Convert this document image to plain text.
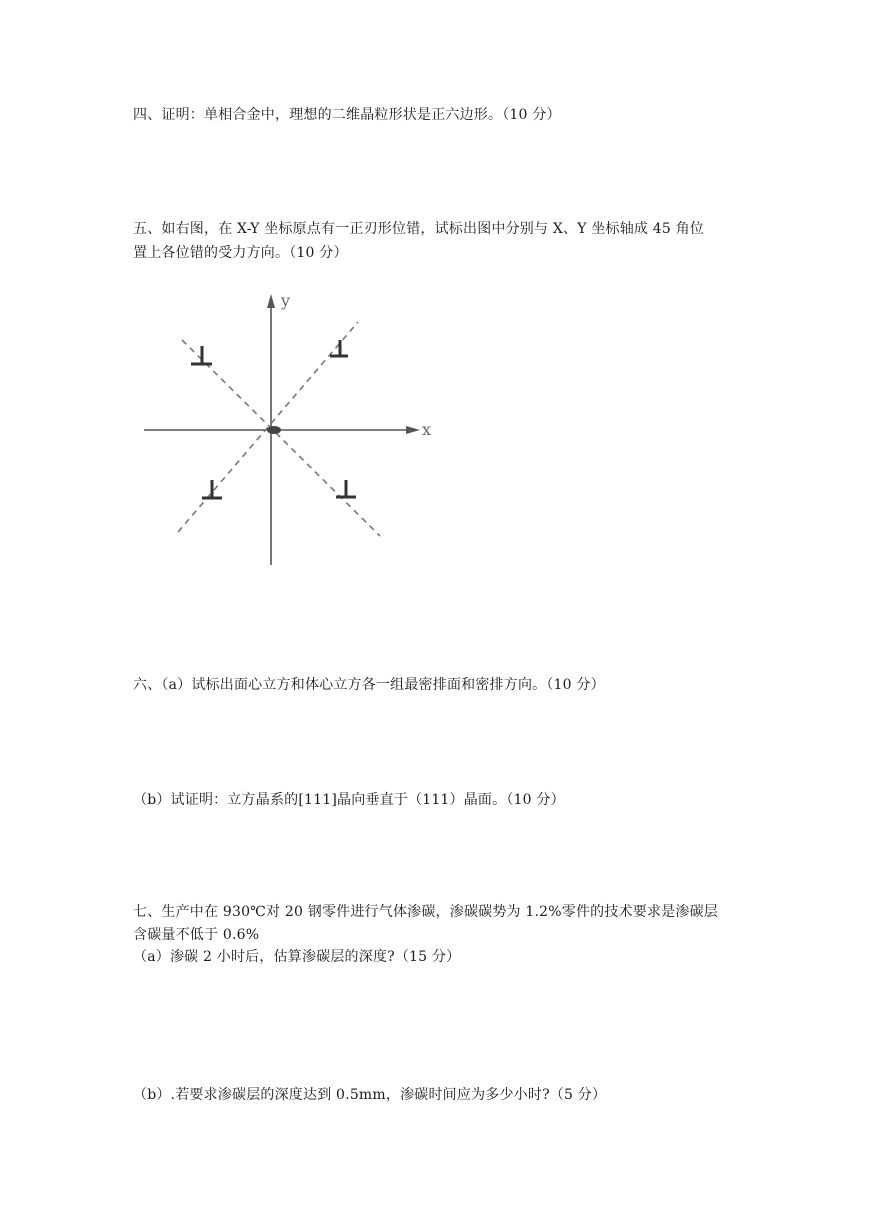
四、证明：单相合金中，理想的二维晶粒形状是正六边形。（10 分）
五、如右图，在 X-Y 坐标原点有一正刃形位错，试标出图中分别与 X、Y 坐标轴成 45 角位
置上各位错的受力方向。（10 分）
y
x
六、（a）试标出面心立方和体心立方各一组最密排面和密排方向。（10 分）
（b）试证明：立方晶系的[111]晶向垂直于（111）晶面。（10 分）
七、生产中在 930℃对 20 钢零件进行气体渗碳，渗碳碳势为 1.2%零件的技术要求是渗碳层
含碳量不低于 0.6%
（a）渗碳 2 小时后，估算渗碳层的深度?（15 分）
（b）.若要求渗碳层的深度达到 0.5mm，渗碳时间应为多少小时?（5 分）
